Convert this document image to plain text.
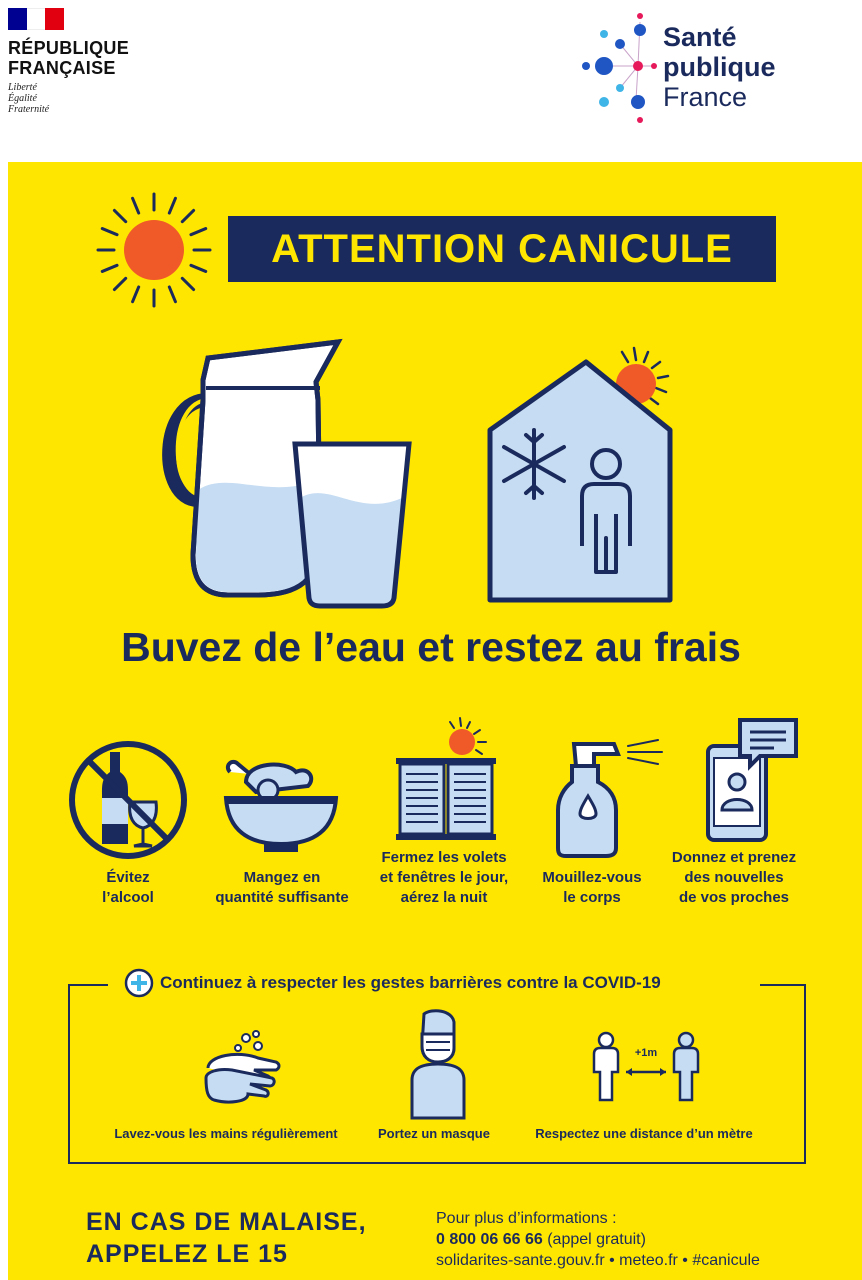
RÉPUBLIQUE
FRANÇAISE
Liberté
Égalité
Fraternité
Santé
publique
France
ATTENTION CANICULE
Buvez de l’eau et restez au frais
Évitez
l’alcool
Mangez en
quantité suffisante
Fermez les volets
et fenêtres le jour,
aérez la nuit
Mouillez-vous
le corps
Donnez et prenez
des nouvelles
de vos proches
Continuez à respecter les gestes barrières contre la COVID-19
+1m
Lavez-vous les mains régulièrement	Portez un masque	Respectez une distance d’un mètre
EN CAS DE MALAISE,
APPELEZ LE 15
Pour plus d’informations :
0 800 06 66 66 (appel gratuit)
solidarites-sante.gouv.fr • meteo.fr • #canicule
